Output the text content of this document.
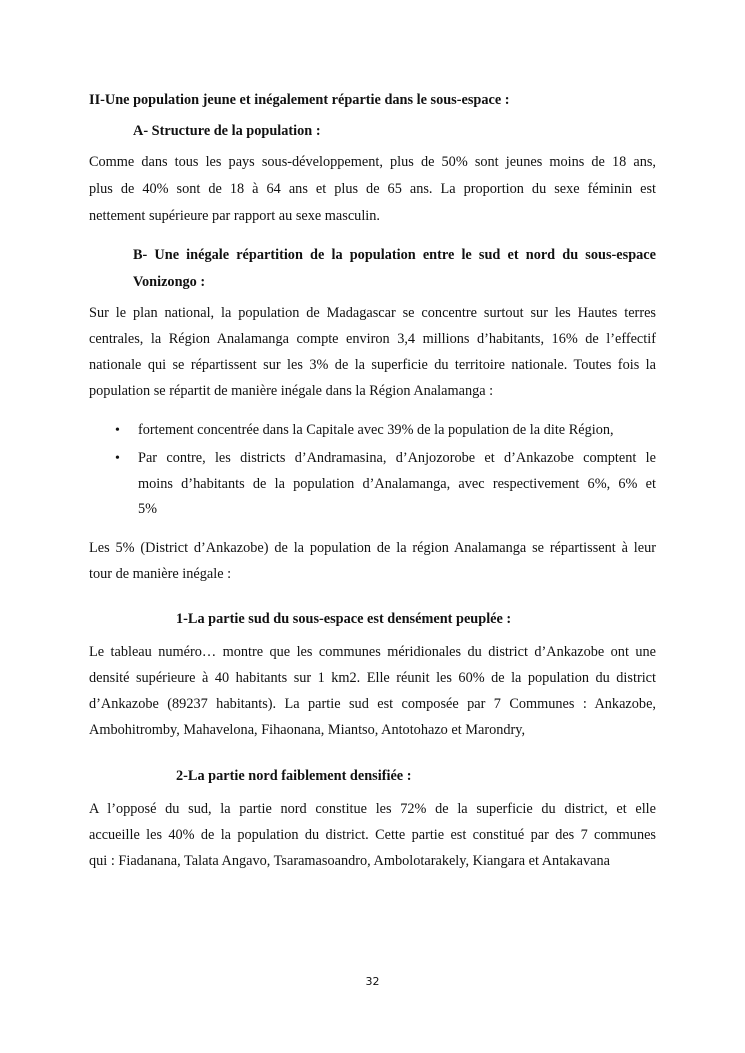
II-Une population jeune et inégalement répartie dans le sous-espace :
A- Structure de la population :
Comme dans tous les pays sous-développement, plus de 50% sont jeunes moins de 18 ans,
plus de 40% sont de 18 à 64 ans et plus de 65 ans. La proportion du sexe féminin est
nettement supérieure par rapport au sexe masculin.
B- Une inégale répartition de la population entre le sud et nord du sous-espace
Vonizongo :
Sur le plan national, la population de Madagascar se concentre surtout sur les Hautes terres
centrales, la Région Analamanga compte environ 3,4 millions d’habitants, 16% de l’effectif
nationale qui se répartissent sur les 3% de la superficie du territoire nationale. Toutes fois la
population se répartit de manière inégale dans la Région Analamanga :
• fortement concentrée dans la Capitale avec 39% de la population de la dite Région,
• Par contre, les districts d’Andramasina, d’Anjozorobe et d’Ankazobe comptent le
moins d’habitants de la population d’Analamanga, avec respectivement 6%, 6% et
5%
Les 5% (District d’Ankazobe) de la population de la région Analamanga se répartissent à leur
tour de manière inégale :
1-La partie sud du sous-espace est densément peuplée :
Le tableau numéro… montre que les communes méridionales du district d’Ankazobe ont une
densité supérieure à 40 habitants sur 1 km2. Elle réunit les 60% de la population du district
d’Ankazobe (89237 habitants). La partie sud est composée par 7 Communes : Ankazobe,
Ambohitromby, Mahavelona, Fihaonana, Miantso, Antotohazo et Marondry,
2-La partie nord faiblement densifiée :
A l’opposé du sud, la partie nord constitue les 72% de la superficie du district, et elle
accueille les 40% de la population du district. Cette partie est constitué par des 7 communes
qui : Fiadanana, Talata Angavo, Tsaramasoandro, Ambolotarakely, Kiangara et Antakavana
32
